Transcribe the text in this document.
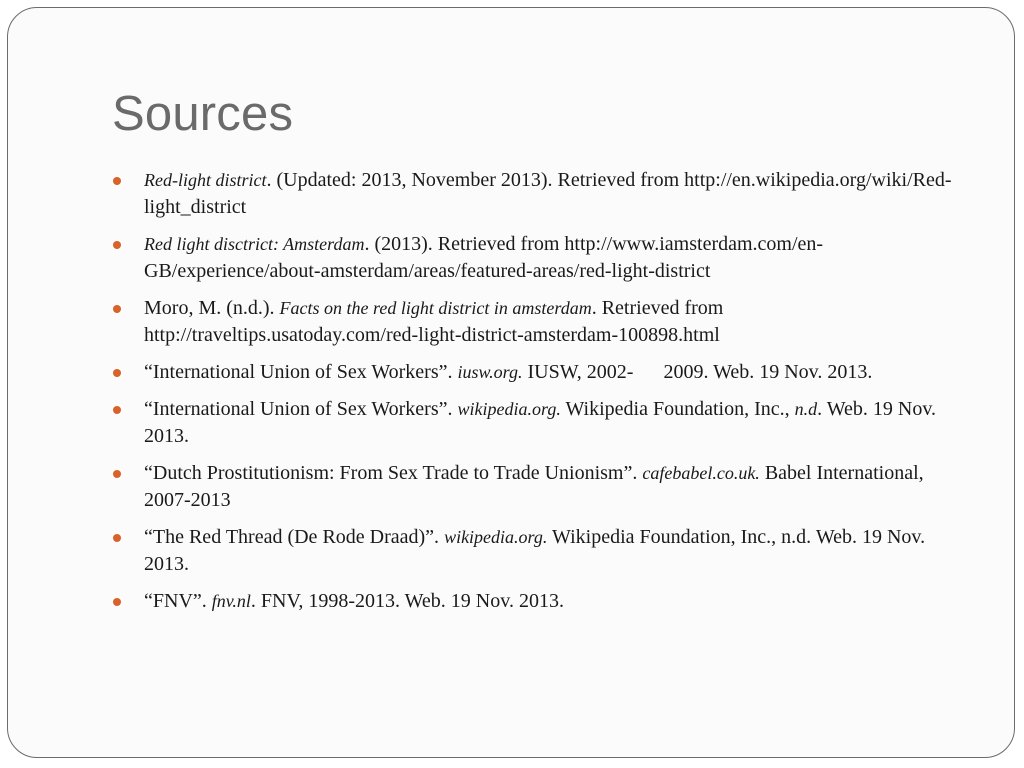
Sources
Red-light district. (Updated: 2013, November 2013). Retrieved from http://en.wikipedia.org/wiki/Red-light_district
Red light disctrict: Amsterdam. (2013). Retrieved from http://www.iamsterdam.com/en-GB/experience/about-amsterdam/areas/featured-areas/red-light-district
Moro, M. (n.d.). Facts on the red light district in amsterdam. Retrieved from http://traveltips.usatoday.com/red-light-district-amsterdam-100898.html
“International Union of Sex Workers”. iusw.org. IUSW, 2002-      2009. Web. 19 Nov. 2013.
“International Union of Sex Workers”. wikipedia.org. Wikipedia Foundation, Inc., n.d. Web. 19 Nov. 2013.
“Dutch Prostitutionism: From Sex Trade to Trade Unionism”. cafebabel.co.uk. Babel International, 2007-2013
“The Red Thread (De Rode Draad)”. wikipedia.org. Wikipedia Foundation, Inc., n.d. Web. 19 Nov. 2013.
“FNV”. fnv.nl. FNV, 1998-2013. Web. 19 Nov. 2013.
